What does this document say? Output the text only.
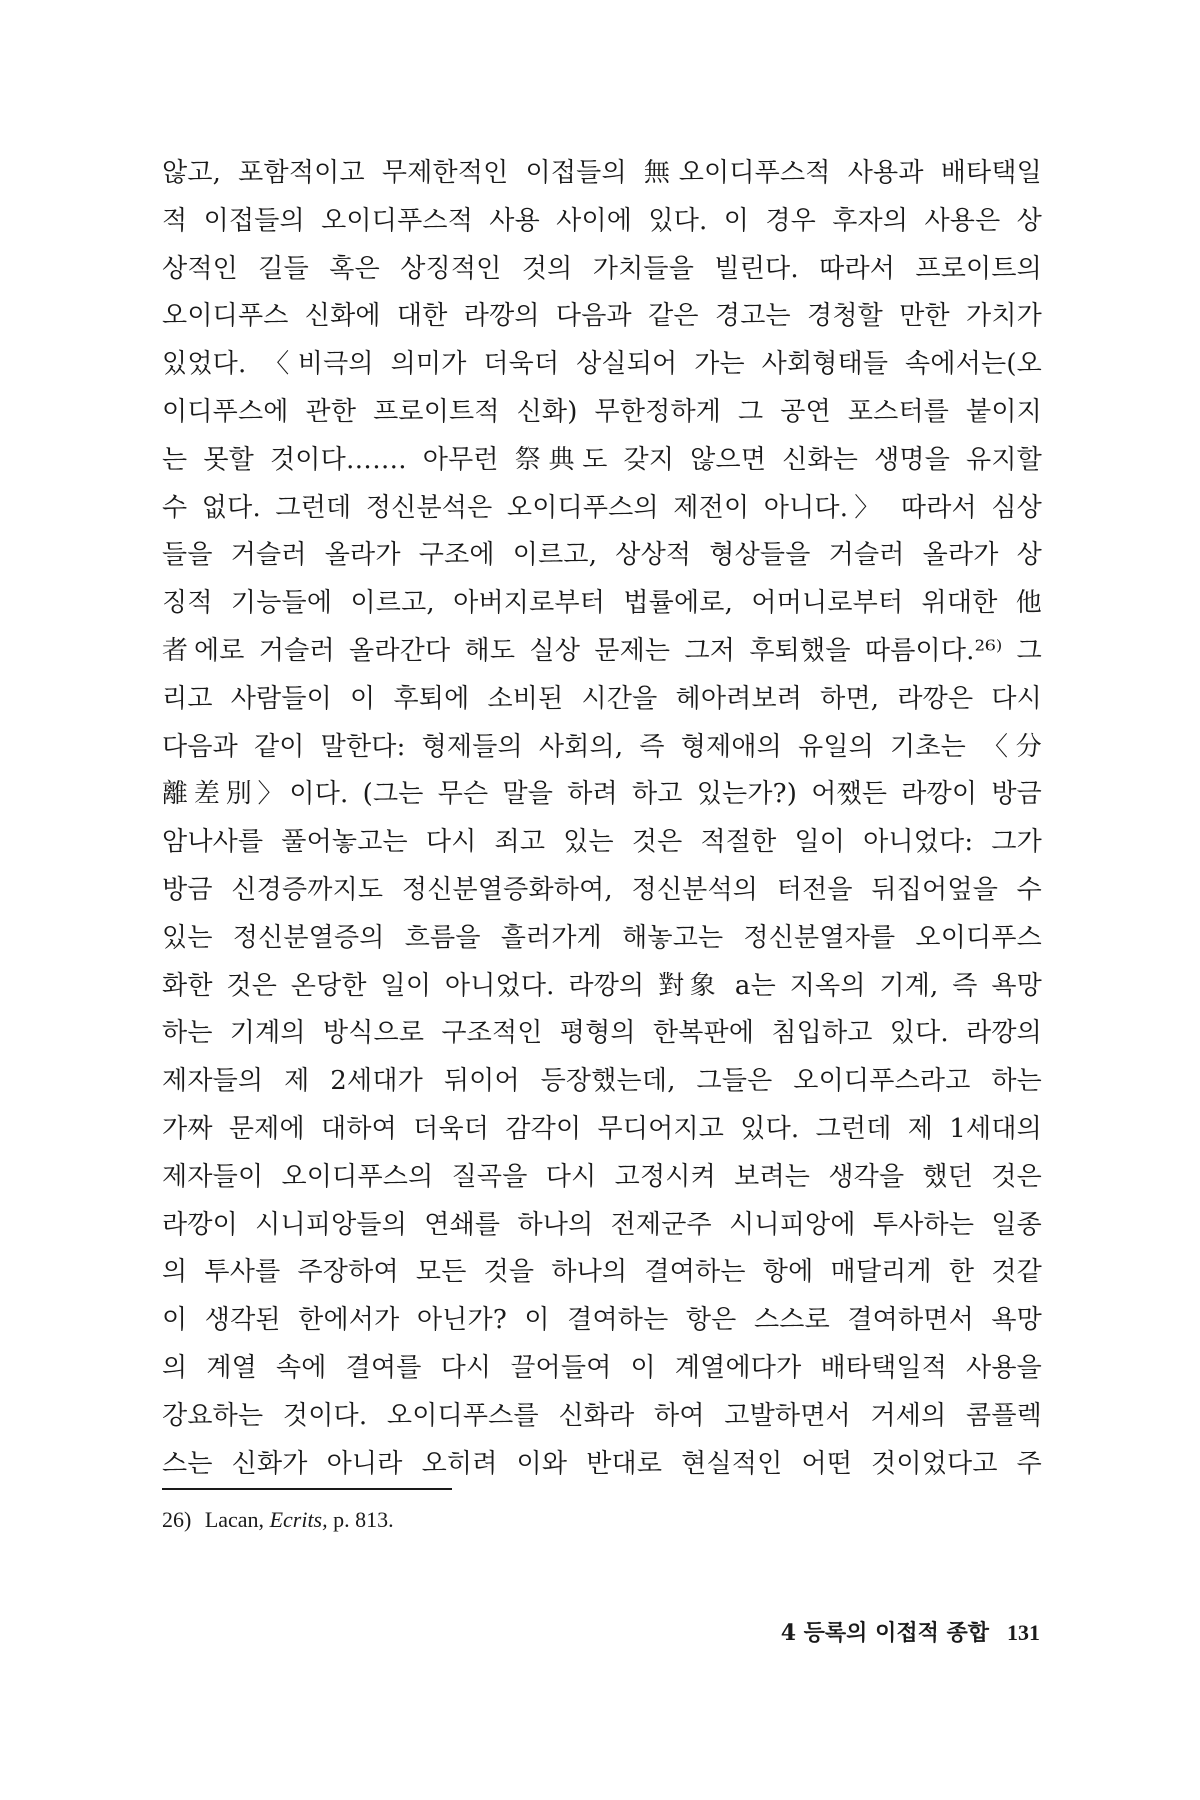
않고, 포함적이고 무제한적인 이접들의 無오이디푸스적 사용과 배타택일
적 이접들의 오이디푸스적 사용 사이에 있다. 이 경우 후자의 사용은 상
상적인 길들 혹은 상징적인 것의 가치들을 빌린다. 따라서 프로이트의
오이디푸스 신화에 대한 라깡의 다음과 같은 경고는 경청할 만한 가치가
있었다. 〈비극의 의미가 더욱더 상실되어 가는 사회형태들 속에서는(오
이디푸스에 관한 프로이트적 신화) 무한정하게 그 공연 포스터를 붙이지
는 못할 것이다……. 아무런 祭典도 갖지 않으면 신화는 생명을 유지할
수 없다. 그런데 정신분석은 오이디푸스의 제전이 아니다.〉 따라서 심상
들을 거슬러 올라가 구조에 이르고, 상상적 형상들을 거슬러 올라가 상
징적 기능들에 이르고, 아버지로부터 법률에로, 어머니로부터 위대한 他
者에로 거슬러 올라간다 해도 실상 문제는 그저 후퇴했을 따름이다.²⁶⁾ 그
리고 사람들이 이 후퇴에 소비된 시간을 헤아려보려 하면, 라깡은 다시
다음과 같이 말한다: 형제들의 사회의, 즉 형제애의 유일의 기초는 〈分
離差別〉이다. (그는 무슨 말을 하려 하고 있는가?) 어쨌든 라깡이 방금
암나사를 풀어놓고는 다시 죄고 있는 것은 적절한 일이 아니었다: 그가
방금 신경증까지도 정신분열증화하여, 정신분석의 터전을 뒤집어엎을 수
있는 정신분열증의 흐름을 흘러가게 해놓고는 정신분열자를 오이디푸스
화한 것은 온당한 일이 아니었다. 라깡의 對象 a는 지옥의 기계, 즉 욕망
하는 기계의 방식으로 구조적인 평형의 한복판에 침입하고 있다. 라깡의
제자들의 제 2세대가 뒤이어 등장했는데, 그들은 오이디푸스라고 하는
가짜 문제에 대하여 더욱더 감각이 무디어지고 있다. 그런데 제 1세대의
제자들이 오이디푸스의 질곡을 다시 고정시켜 보려는 생각을 했던 것은
라깡이 시니피앙들의 연쇄를 하나의 전제군주 시니피앙에 투사하는 일종
의 투사를 주장하여 모든 것을 하나의 결여하는 항에 매달리게 한 것같
이 생각된 한에서가 아닌가? 이 결여하는 항은 스스로 결여하면서 욕망
의 계열 속에 결여를 다시 끌어들여 이 계열에다가 배타택일적 사용을
강요하는 것이다. 오이디푸스를 신화라 하여 고발하면서 거세의 콤플렉
스는 신화가 아니라 오히려 이와 반대로 현실적인 어떤 것이었다고 주
26) Lacan, Ecrits, p. 813.
4 등록의 이접적 종합 131
